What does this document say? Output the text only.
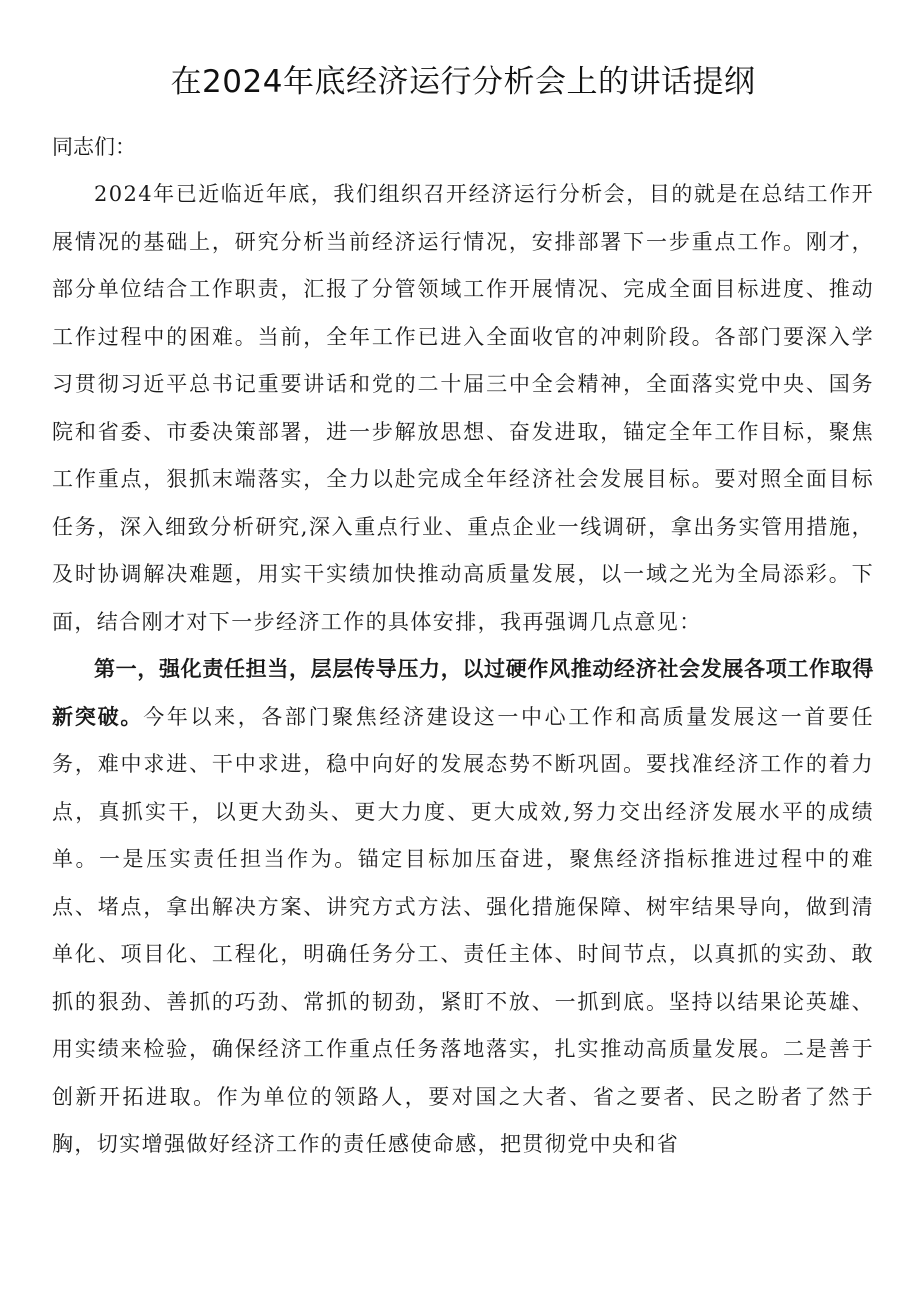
在2024年底经济运行分析会上的讲话提纲

同志们：

2024年已近临近年底，我们组织召开经济运行分析会，目的就是在总结工作开展情况的基础上，研究分析当前经济运行情况，安排部署下一步重点工作。刚才，部分单位结合工作职责，汇报了分管领域工作开展情况、完成全面目标进度、推动工作过程中的困难。当前，全年工作已进入全面收官的冲刺阶段。各部门要深入学习贯彻习近平总书记重要讲话和党的二十届三中全会精神，全面落实党中央、国务院和省委、市委决策部署，进一步解放思想、奋发进取，锚定全年工作目标，聚焦工作重点，狠抓末端落实，全力以赴完成全年经济社会发展目标。要对照全面目标任务，深入细致分析研究,深入重点行业、重点企业一线调研，拿出务实管用措施，及时协调解决难题，用实干实绩加快推动高质量发展，以一域之光为全局添彩。下面，结合刚才对下一步经济工作的具体安排，我再强调几点意见：

第一，强化责任担当，层层传导压力，以过硬作风推动经济社会发展各项工作取得新突破。今年以来，各部门聚焦经济建设这一中心工作和高质量发展这一首要任务，难中求进、干中求进，稳中向好的发展态势不断巩固。要找准经济工作的着力点，真抓实干，以更大劲头、更大力度、更大成效,努力交出经济发展水平的成绩单。一是压实责任担当作为。锚定目标加压奋进，聚焦经济指标推进过程中的难点、堵点，拿出解决方案、讲究方式方法、强化措施保障、树牢结果导向，做到清单化、项目化、工程化，明确任务分工、责任主体、时间节点，以真抓的实劲、敢抓的狠劲、善抓的巧劲、常抓的韧劲，紧盯不放、一抓到底。坚持以结果论英雄、用实绩来检验，确保经济工作重点任务落地落实，扎实推动高质量发展。二是善于创新开拓进取。作为单位的领路人，要对国之大者、省之要者、民之盼者了然于胸，切实增强做好经济工作的责任感使命感，把贯彻党中央和省
